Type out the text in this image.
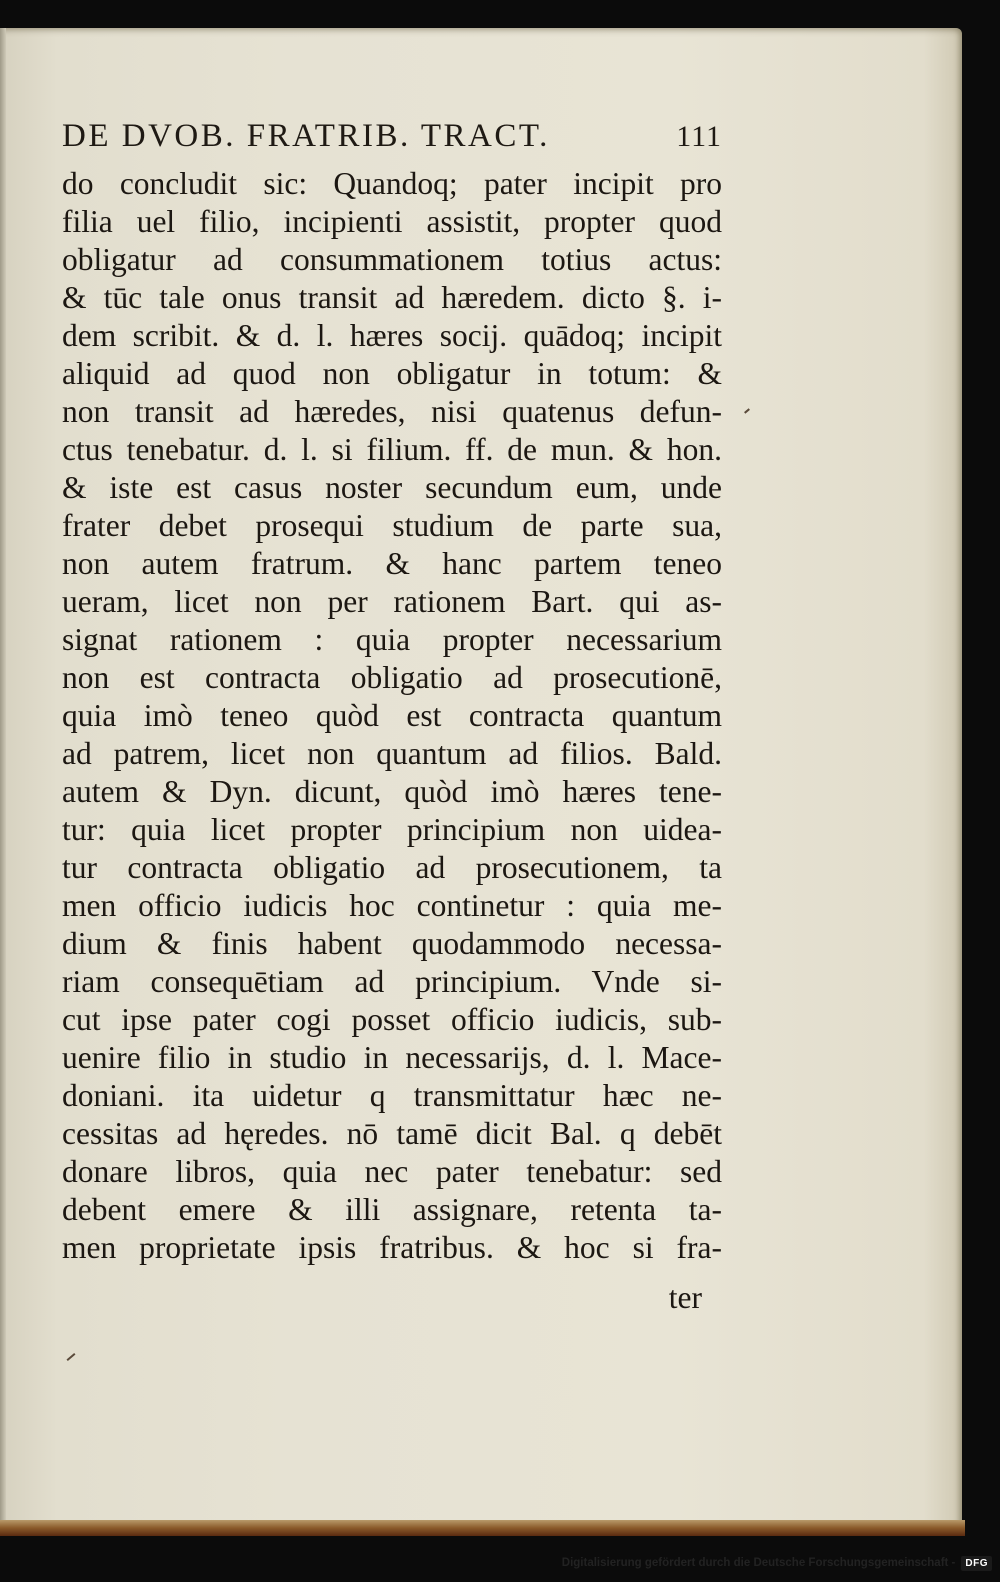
DE DVOB. FRATRIB. TRACT.	111
do concludit sic: Quandoq; pater incipit pro
filia uel filio, incipienti assistit, propter quod
obligatur ad consummationem totius actus:
& tūc tale onus transit ad hæredem. dicto §. i-
dem scribit. & d. l. hæres socij. quādoq; incipit
aliquid ad quod non obligatur in totum: &
non transit ad hæredes, nisi quatenus defun-
ctus tenebatur. d. l. si filium. ff. de mun. & hon.
& iste est casus noster secundum eum, unde
frater debet prosequi studium de parte sua,
non autem fratrum. & hanc partem teneo
ueram, licet non per rationem Bart. qui as-
signat rationem : quia propter necessarium
non est contracta obligatio ad prosecutionē,
quia imò teneo quòd est contracta quantum
ad patrem, licet non quantum ad filios. Bald.
autem & Dyn. dicunt, quòd imò hæres tene-
tur: quia licet propter principium non uidea-
tur contracta obligatio ad prosecutionem, ta
men officio iudicis hoc continetur : quia me-
dium & finis habent quodammodo necessa-
riam consequētiam ad principium. Vnde si-
cut ipse pater cogi posset officio iudicis, sub-
uenire filio in studio in necessarijs, d. l. Mace-
doniani. ita uidetur q transmittatur hæc ne-
cessitas ad hęredes. nō tamē dicit Bal. q debēt
donare libros, quia nec pater tenebatur: sed
debent emere & illi assignare, retenta ta-
men proprietate ipsis fratribus. & hoc si fra-
ter
Digitalisierung gefördert durch die Deutsche Forschungsgemeinschaft -	DFG
